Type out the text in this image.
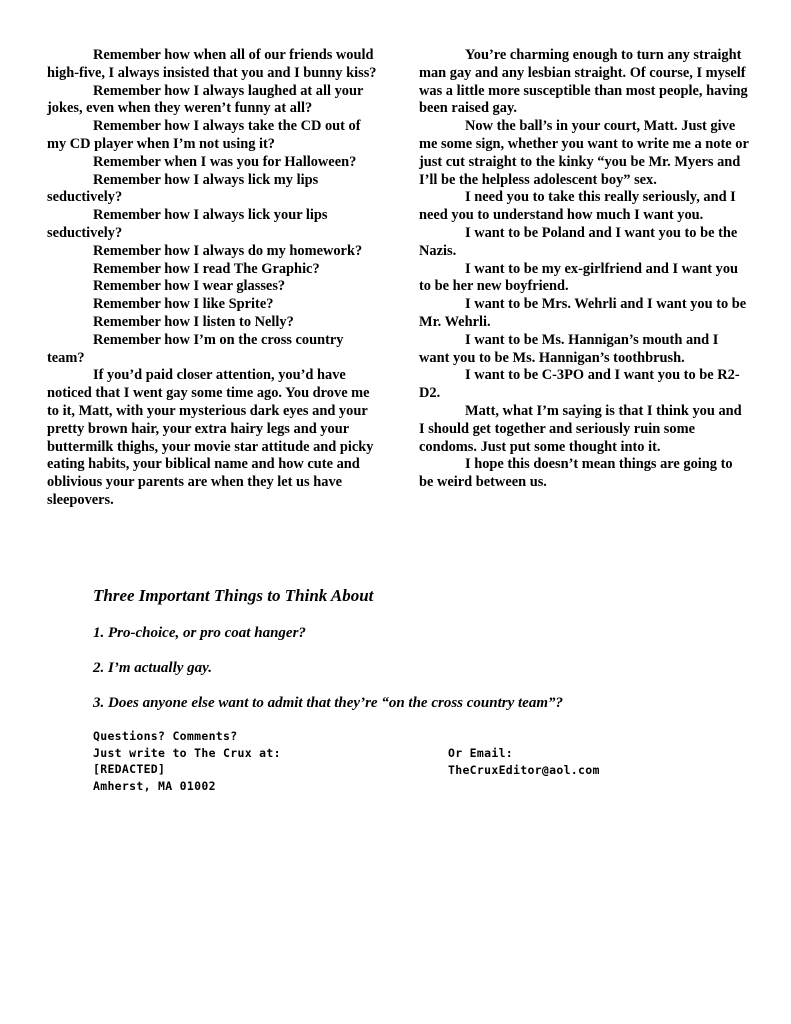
Remember how when all of our friends would high-five, I always insisted that you and I bunny kiss?

Remember how I always laughed at all your jokes, even when they weren’t funny at all?

Remember how I always take the CD out of my CD player when I’m not using it?

Remember when I was you for Halloween?

Remember how I always lick my lips seductively?

Remember how I always lick your lips seductively?

Remember how I always do my homework?

Remember how I read The Graphic?

Remember how I wear glasses?

Remember how I like Sprite?

Remember how I listen to Nelly?

Remember how I’m on the cross country team?

If you’d paid closer attention, you’d have noticed that I went gay some time ago. You drove me to it, Matt, with your mysterious dark eyes and your pretty brown hair, your extra hairy legs and your buttermilk thighs, your movie star attitude and picky eating habits, your biblical name and how cute and oblivious your parents are when they let us have sleepovers.

You’re charming enough to turn any straight man gay and any lesbian straight. Of course, I myself was a little more susceptible than most people, having been raised gay.

Now the ball’s in your court, Matt. Just give me some sign, whether you want to write me a note or just cut straight to the kinky “you be Mr. Myers and I’ll be the helpless adolescent boy” sex.

I need you to take this really seriously, and I need you to understand how much I want you.

I want to be Poland and I want you to be the Nazis.

I want to be my ex-girlfriend and I want you to be her new boyfriend.

I want to be Mrs. Wehrli and I want you to be Mr. Wehrli.

I want to be Ms. Hannigan’s mouth and I want you to be Ms. Hannigan’s toothbrush.

I want to be C-3PO and I want you to be R2-D2.

Matt, what I’m saying is that I think you and I should get together and seriously ruin some condoms. Just put some thought into it.

I hope this doesn’t mean things are going to be weird between us.

Three Important Things to Think About
1. Pro-choice, or pro coat hanger?
2. I’m actually gay.
3. Does anyone else want to admit that they’re “on the cross country team”?
Questions? Comments?
Just write to The Crux at:
[REDACTED]
Amherst, MA 01002
Or Email:
TheCruxEditor@aol.com
